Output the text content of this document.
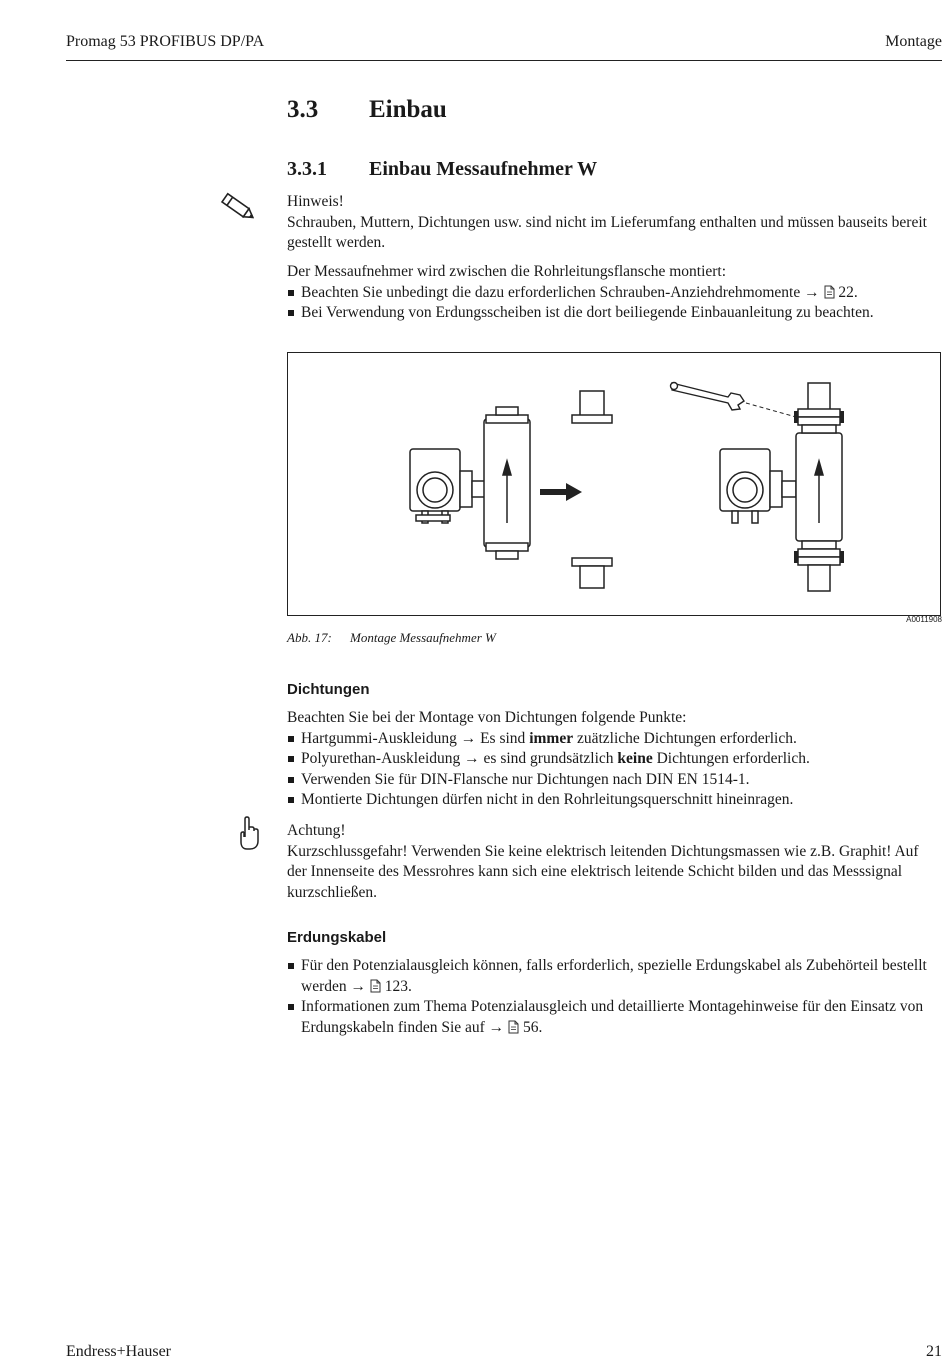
Promag 53 PROFIBUS DP/PA	Montage
3.3 Einbau
3.3.1 Einbau Messaufnehmer W

Hinweis!

Schrauben, Muttern, Dichtungen usw. sind nicht im Lieferumfang enthalten und müssen bauseits bereit gestellt werden.

Der Messaufnehmer wird zwischen die Rohrleitungsflansche montiert:

Beachten Sie unbedingt die dazu erforderlichen Schrauben-Anziehdrehmomente → 22.
Bei Verwendung von Erdungsscheiben ist die dort beiliegende Einbauanleitung zu beachten.
A0011908
Abb. 17: Montage Messaufnehmer W
Dichtungen

Beachten Sie bei der Montage von Dichtungen folgende Punkte:

Hartgummi-Auskleidung → Es sind immer zuätzliche Dichtungen erforderlich.
Polyurethan-Auskleidung → es sind grundsätzlich keine Dichtungen erforderlich.
Verwenden Sie für DIN-Flansche nur Dichtungen nach DIN EN 1514-1.
Montierte Dichtungen dürfen nicht in den Rohrleitungsquerschnitt hineinragen.

Achtung!

Kurzschlussgefahr! Verwenden Sie keine elektrisch leitenden Dichtungsmassen wie z.B. Graphit! Auf der Innenseite des Messrohres kann sich eine elektrisch leitende Schicht bilden und das Messsignal kurzschließen.

Erdungskabel
Für den Potenzialausgleich können, falls erforderlich, spezielle Erdungskabel als Zubehörteil bestellt werden → 123.
Informationen zum Thema Potenzialausgleich und detaillierte Montagehinweise für den Einsatz von Erdungskabeln finden Sie auf → 56.
Endress+Hauser	21
